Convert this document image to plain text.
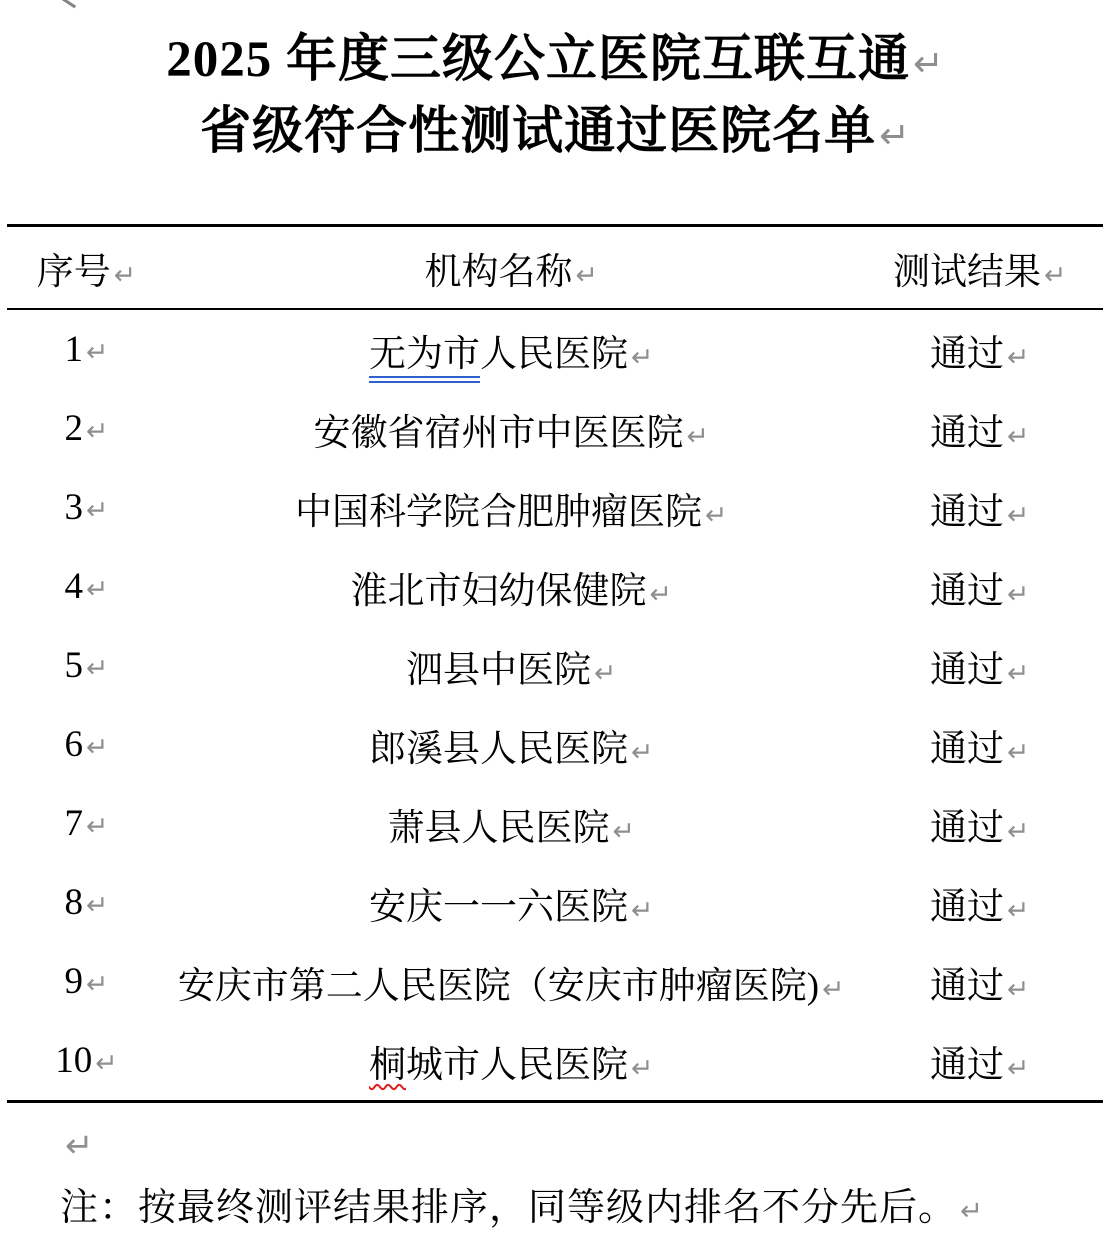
2025 年度三级公立医院互联互通↵
省级符合性测试通过医院名单↵
序号 ↵	机构名称 ↵	测试结果 ↵
1 ↵	无为市人民医院 ↵	通过 ↵
2 ↵	安徽省宿州市中医医院 ↵	通过 ↵
3 ↵	中国科学院合肥肿瘤医院 ↵	通过 ↵
4 ↵	淮北市妇幼保健院 ↵	通过 ↵
5 ↵	泗县中医院 ↵	通过 ↵
6 ↵	郎溪县人民医院 ↵	通过 ↵
7 ↵	萧县人民医院 ↵	通过 ↵
8 ↵	安庆一一六医院 ↵	通过 ↵
9 ↵	安庆市第二人民医院（安庆市肿瘤医院) ↵	通过 ↵
10 ↵	桐城市人民医院 ↵	通过 ↵
↵
注：按最终测评结果排序，同等级内排名不分先后。 ↵
